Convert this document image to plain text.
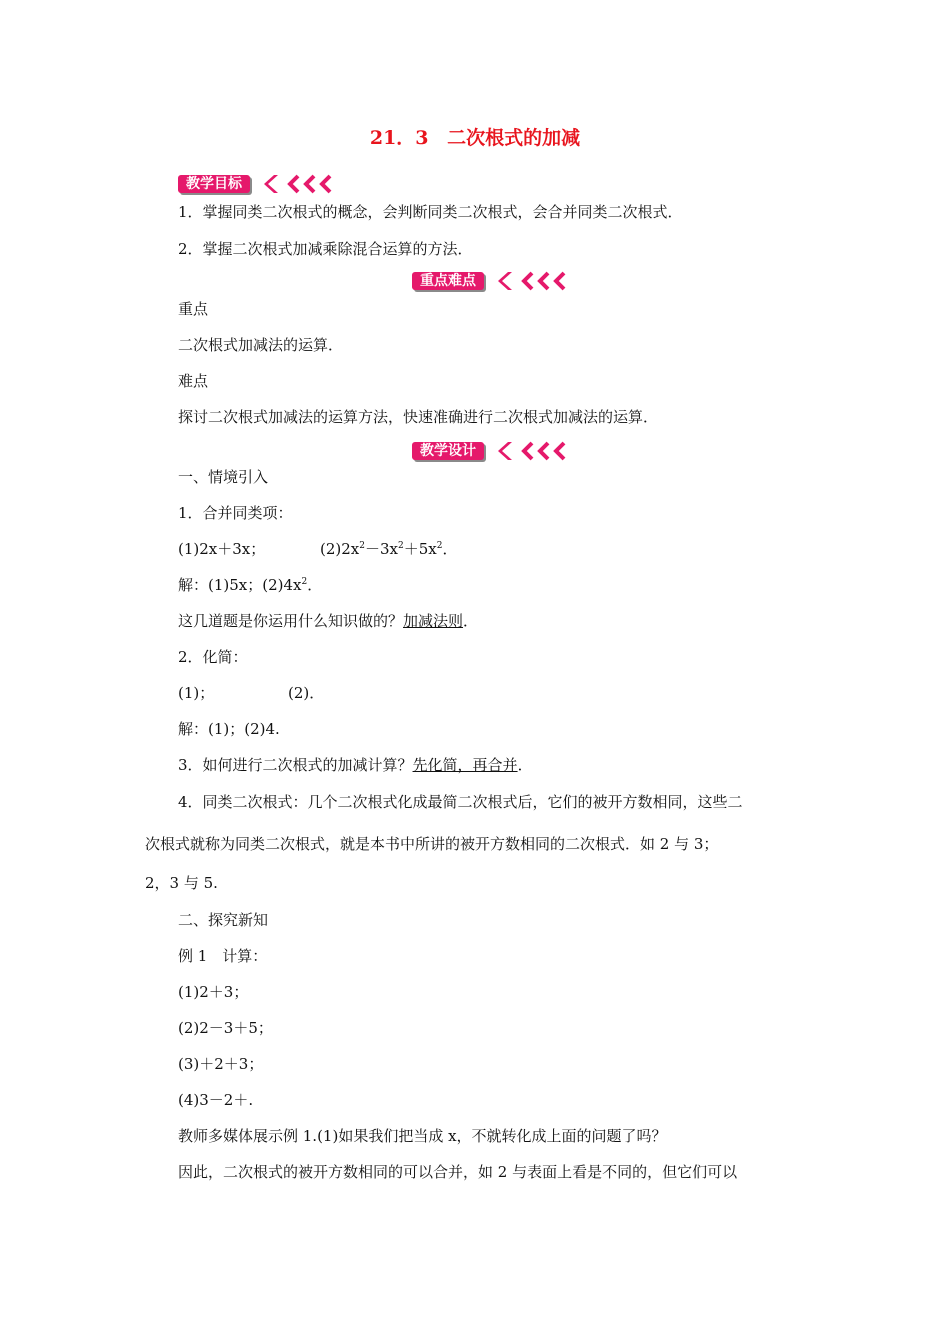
21．3 二次根式的加减
教学目标
1．掌握同类二次根式的概念，会判断同类二次根式，会合并同类二次根式．
2．掌握二次根式加减乘除混合运算的方法．
重点难点
重点
二次根式加减法的运算．
难点
探讨二次根式加减法的运算方法，快速准确进行二次根式加减法的运算．
教学设计
一、情境引入
1．合并同类项：
(1)2x＋3x；	$(2)2x^2-3x^2+5x^2$．
解：(1)5x；$(2)4x^2$．
这几道题是你运用什么知识做的？加减法则．
2．化简：
(1)；	(2)．
解：(1)；(2)4.
3．如何进行二次根式的加减计算？先化简，再合并．
4．同类二次根式：几个二次根式化成最简二次根式后，它们的被开方数相同，这些二
次根式就称为同类二次根式，就是本书中所讲的被开方数相同的二次根式．如 2 与 3；
2，3 与 5.
二、探究新知
例 1　计算：
(1)2＋3；
(2)2－3＋5；
(3)＋2＋3；
(4)3－2＋.
教师多媒体展示例 1.(1)如果我们把当成 x，不就转化成上面的问题了吗？
因此，二次根式的被开方数相同的可以合并，如 2 与表面上看是不同的，但它们可以
